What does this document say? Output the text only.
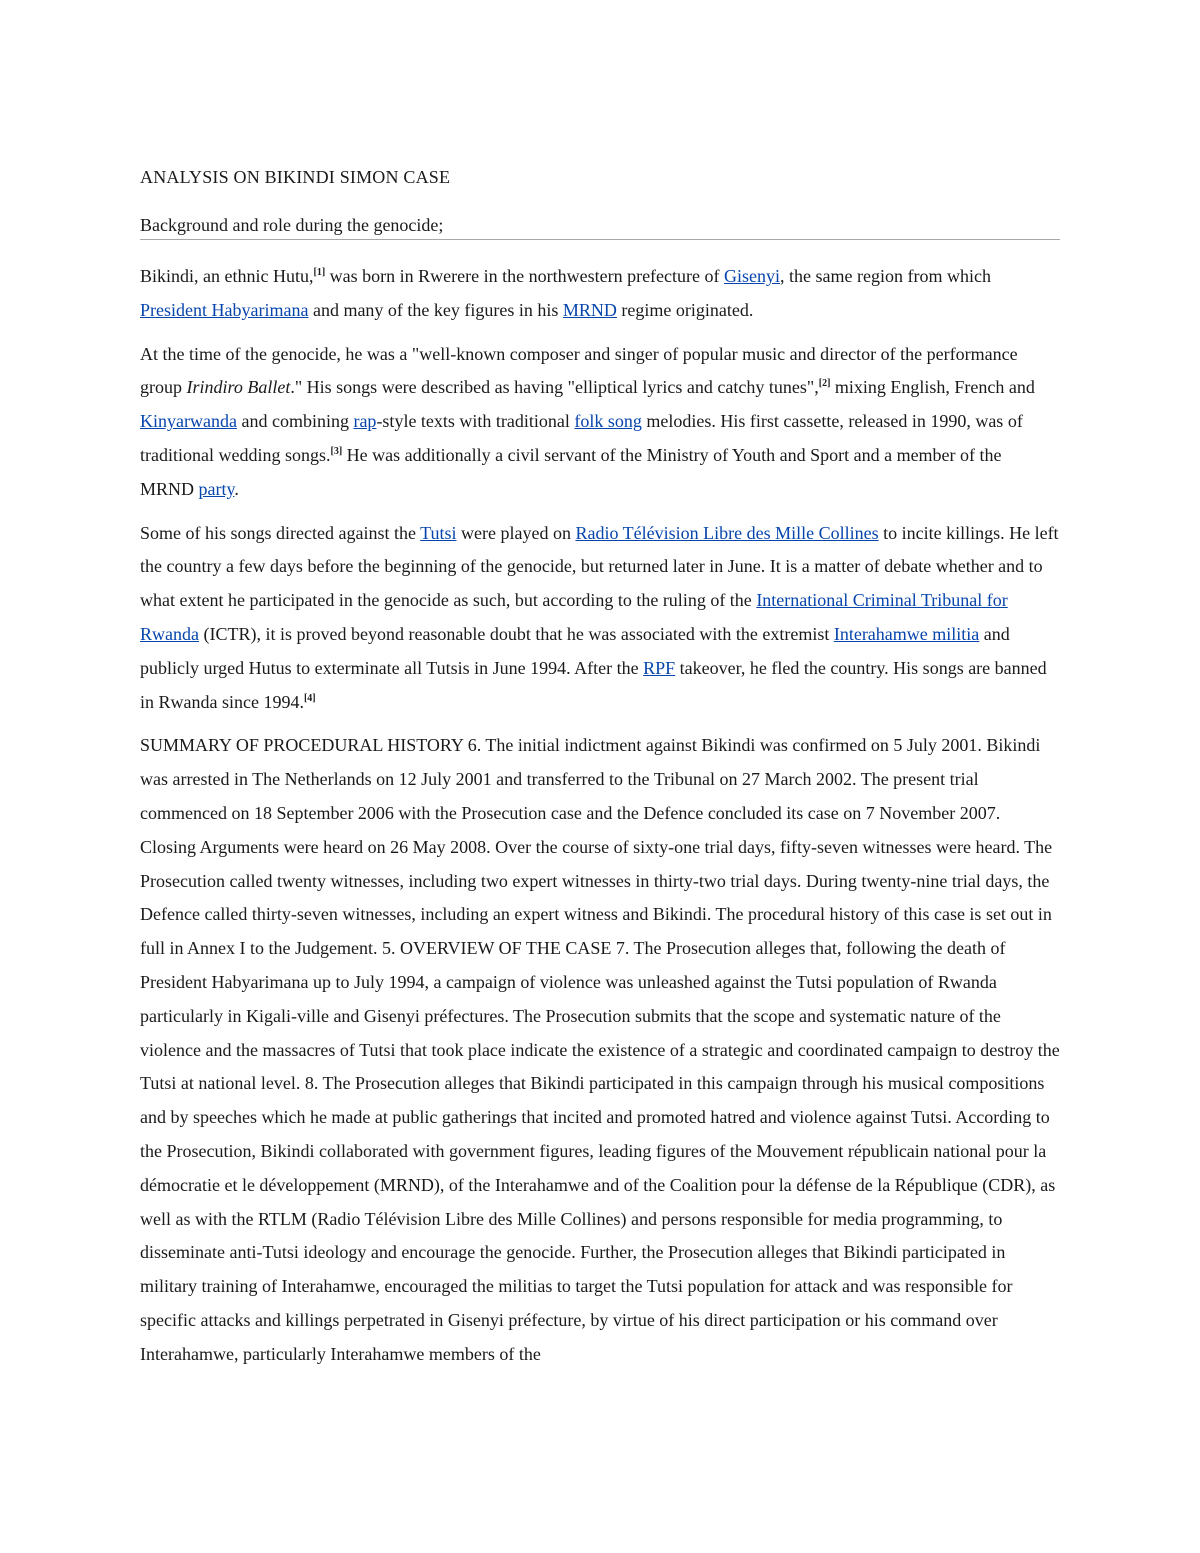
ANALYSIS ON BIKINDI SIMON CASE
Background and role during the genocide;

Bikindi, an ethnic Hutu,[1] was born in Rwerere in the northwestern prefecture of Gisenyi, the same region from which President Habyarimana and many of the key figures in his MRND regime originated.

At the time of the genocide, he was a "well-known composer and singer of popular music and director of the performance group Irindiro Ballet." His songs were described as having "elliptical lyrics and catchy tunes",[2] mixing English, French and Kinyarwanda and combining rap-style texts with traditional folk song melodies. His first cassette, released in 1990, was of traditional wedding songs.[3] He was additionally a civil servant of the Ministry of Youth and Sport and a member of the MRND party.

Some of his songs directed against the Tutsi were played on Radio Télévision Libre des Mille Collines to incite killings. He left the country a few days before the beginning of the genocide, but returned later in June. It is a matter of debate whether and to what extent he participated in the genocide as such, but according to the ruling of the International Criminal Tribunal for Rwanda (ICTR), it is proved beyond reasonable doubt that he was associated with the extremist Interahamwe militia and publicly urged Hutus to exterminate all Tutsis in June 1994. After the RPF takeover, he fled the country. His songs are banned in Rwanda since 1994.[4]

SUMMARY OF PROCEDURAL HISTORY 6. The initial indictment against Bikindi was confirmed on 5 July 2001. Bikindi was arrested in The Netherlands on 12 July 2001 and transferred to the Tribunal on 27 March 2002. The present trial commenced on 18 September 2006 with the Prosecution case and the Defence concluded its case on 7 November 2007. Closing Arguments were heard on 26 May 2008. Over the course of sixty-one trial days, fifty-seven witnesses were heard. The Prosecution called twenty witnesses, including two expert witnesses in thirty-two trial days. During twenty-nine trial days, the Defence called thirty-seven witnesses, including an expert witness and Bikindi. The procedural history of this case is set out in full in Annex I to the Judgement. 5. OVERVIEW OF THE CASE 7. The Prosecution alleges that, following the death of President Habyarimana up to July 1994, a campaign of violence was unleashed against the Tutsi population of Rwanda particularly in Kigali-ville and Gisenyi préfectures. The Prosecution submits that the scope and systematic nature of the violence and the massacres of Tutsi that took place indicate the existence of a strategic and coordinated campaign to destroy the Tutsi at national level. 8. The Prosecution alleges that Bikindi participated in this campaign through his musical compositions and by speeches which he made at public gatherings that incited and promoted hatred and violence against Tutsi. According to the Prosecution, Bikindi collaborated with government figures, leading figures of the Mouvement républicain national pour la démocratie et le développement (MRND), of the Interahamwe and of the Coalition pour la défense de la République (CDR), as well as with the RTLM (Radio Télévision Libre des Mille Collines) and persons responsible for media programming, to disseminate anti-Tutsi ideology and encourage the genocide. Further, the Prosecution alleges that Bikindi participated in military training of Interahamwe, encouraged the militias to target the Tutsi population for attack and was responsible for specific attacks and killings perpetrated in Gisenyi préfecture, by virtue of his direct participation or his command over Interahamwe, particularly Interahamwe members of the
